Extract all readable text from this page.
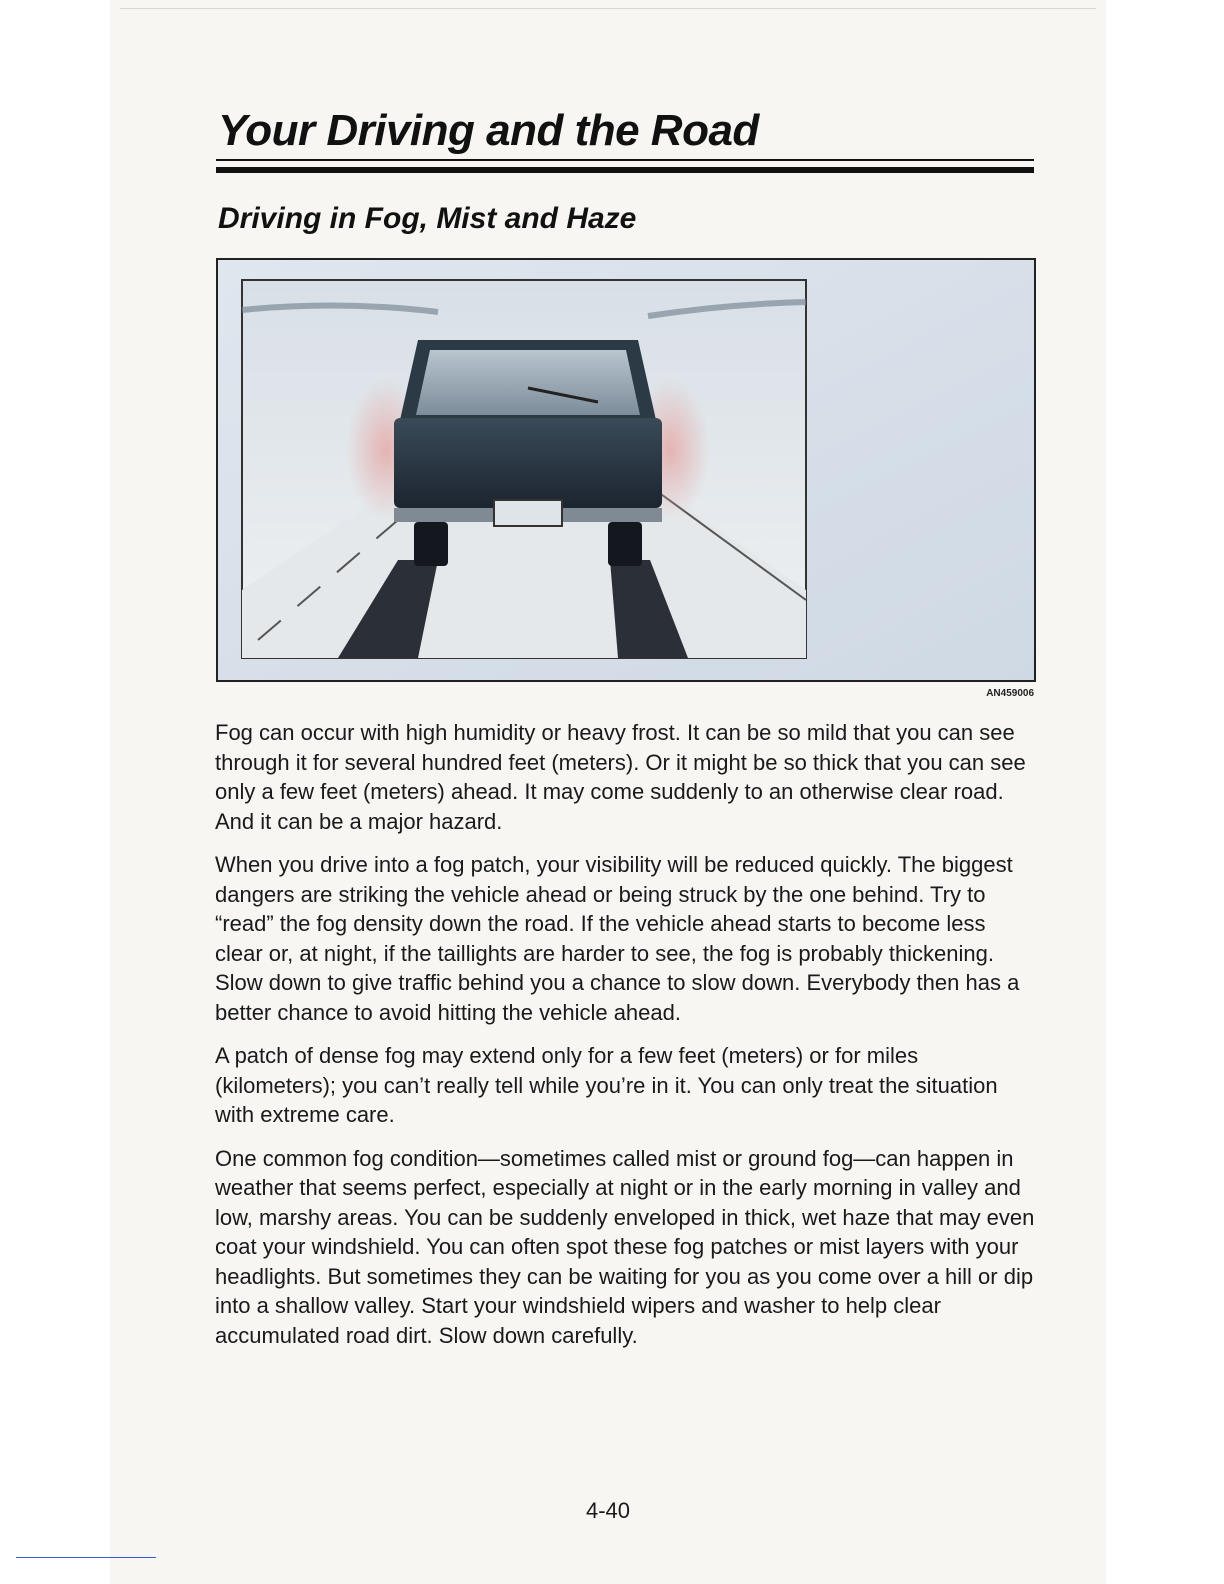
Your Driving and the Road
Driving in Fog, Mist and Haze
AN459006

Fog can occur with high humidity or heavy frost. It can be so mild that you can see through it for several hundred feet (meters). Or it might be so thick that you can see only a few feet (meters) ahead. It may come suddenly to an otherwise clear road. And it can be a major hazard.

When you drive into a fog patch, your visibility will be reduced quickly. The biggest dangers are striking the vehicle ahead or being struck by the one behind. Try to “read” the fog density down the road. If the vehicle ahead starts to become less clear or, at night, if the taillights are harder to see, the fog is probably thickening. Slow down to give traffic behind you a chance to slow down. Everybody then has a better chance to avoid hitting the vehicle ahead.

A patch of dense fog may extend only for a few feet (meters) or for miles (kilometers); you can’t really tell while you’re in it. You can only treat the situation with extreme care.

One common fog condition—sometimes called mist or ground fog—can happen in weather that seems perfect, especially at night or in the early morning in valley and low, marshy areas. You can be suddenly enveloped in thick, wet haze that may even coat your windshield. You can often spot these fog patches or mist layers with your headlights. But sometimes they can be waiting for you as you come over a hill or dip into a shallow valley. Start your windshield wipers and washer to help clear accumulated road dirt. Slow down carefully.

4-40
